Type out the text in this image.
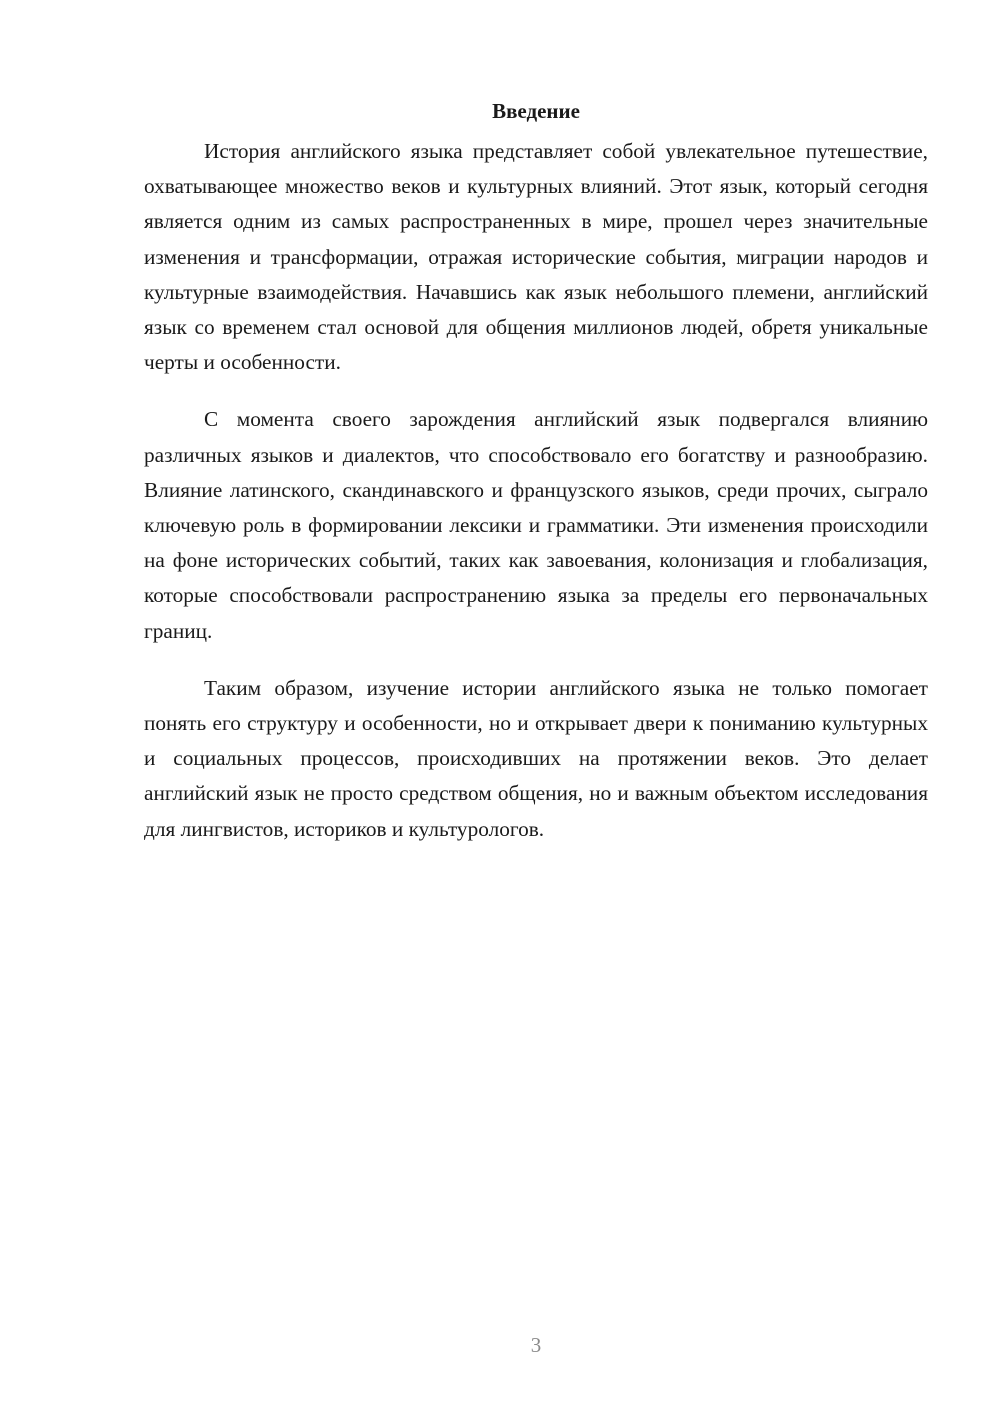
Введение

История английского языка представляет собой увлекательное путешествие, охватывающее множество веков и культурных влияний. Этот язык, который сегодня является одним из самых распространенных в мире, прошел через значительные изменения и трансформации, отражая исторические события, миграции народов и культурные взаимодействия. Начавшись как язык небольшого племени, английский язык со временем стал основой для общения миллионов людей, обретя уникальные черты и особенности.

С момента своего зарождения английский язык подвергался влиянию различных языков и диалектов, что способствовало его богатству и разнообразию. Влияние латинского, скандинавского и французского языков, среди прочих, сыграло ключевую роль в формировании лексики и грамматики. Эти изменения происходили на фоне исторических событий, таких как завоевания, колонизация и глобализация, которые способствовали распространению языка за пределы его первоначальных границ.

Таким образом, изучение истории английского языка не только помогает понять его структуру и особенности, но и открывает двери к пониманию культурных и социальных процессов, происходивших на протяжении веков. Это делает английский язык не просто средством общения, но и важным объектом исследования для лингвистов, историков и культурологов.

3
